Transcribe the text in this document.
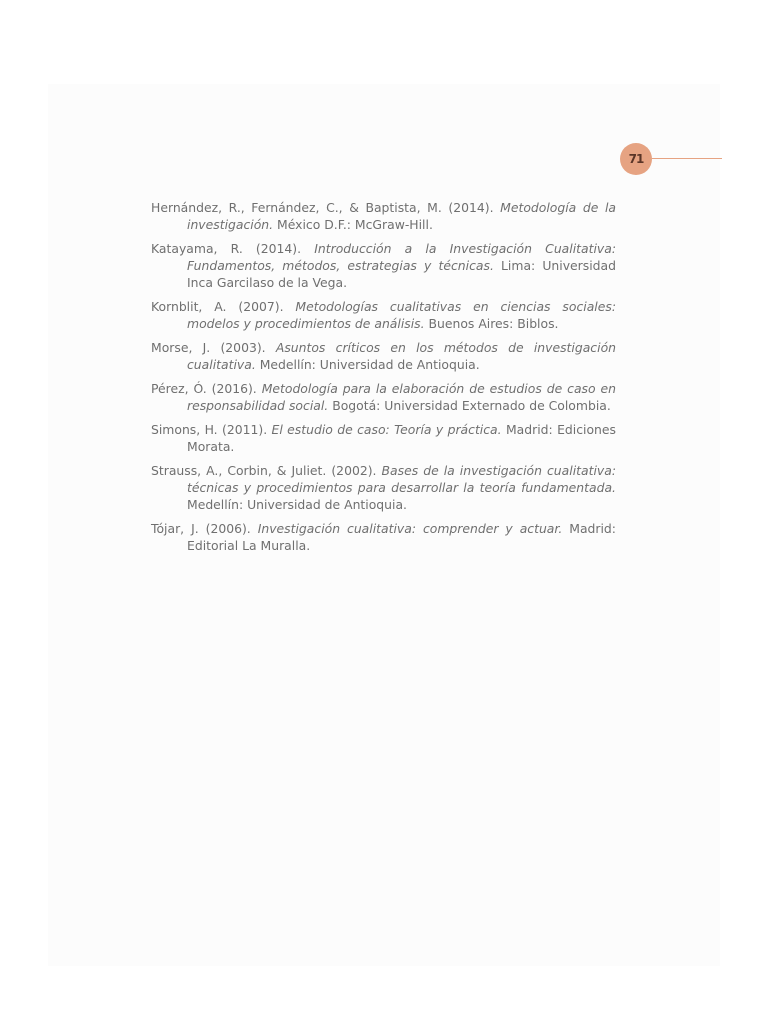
71
Hernández, R., Fernández, C., & Baptista, M. (2014). Metodología de la investigación. México D.F.: McGraw-Hill.
Katayama, R. (2014). Introducción a la Investigación Cualitativa: Fundamentos, métodos, estrategias y técnicas. Lima: Universidad Inca Garcilaso de la Vega.
Kornblit, A. (2007). Metodologías cualitativas en ciencias sociales: modelos y procedimientos de análisis. Buenos Aires: Biblos.
Morse, J. (2003). Asuntos críticos en los métodos de investigación cualitativa. Medellín: Universidad de Antioquia.
Pérez, Ó. (2016). Metodología para la elaboración de estudios de caso en responsabilidad social. Bogotá: Universidad Externado de Colombia.
Simons, H. (2011). El estudio de caso: Teoría y práctica. Madrid: Ediciones Morata.
Strauss, A., Corbin, & Juliet. (2002). Bases de la investigación cualitativa: técnicas y procedimientos para desarrollar la teoría fundamentada. Medellín: Universidad de Antioquia.
Tójar, J. (2006). Investigación cualitativa: comprender y actuar. Madrid: Editorial La Muralla.
